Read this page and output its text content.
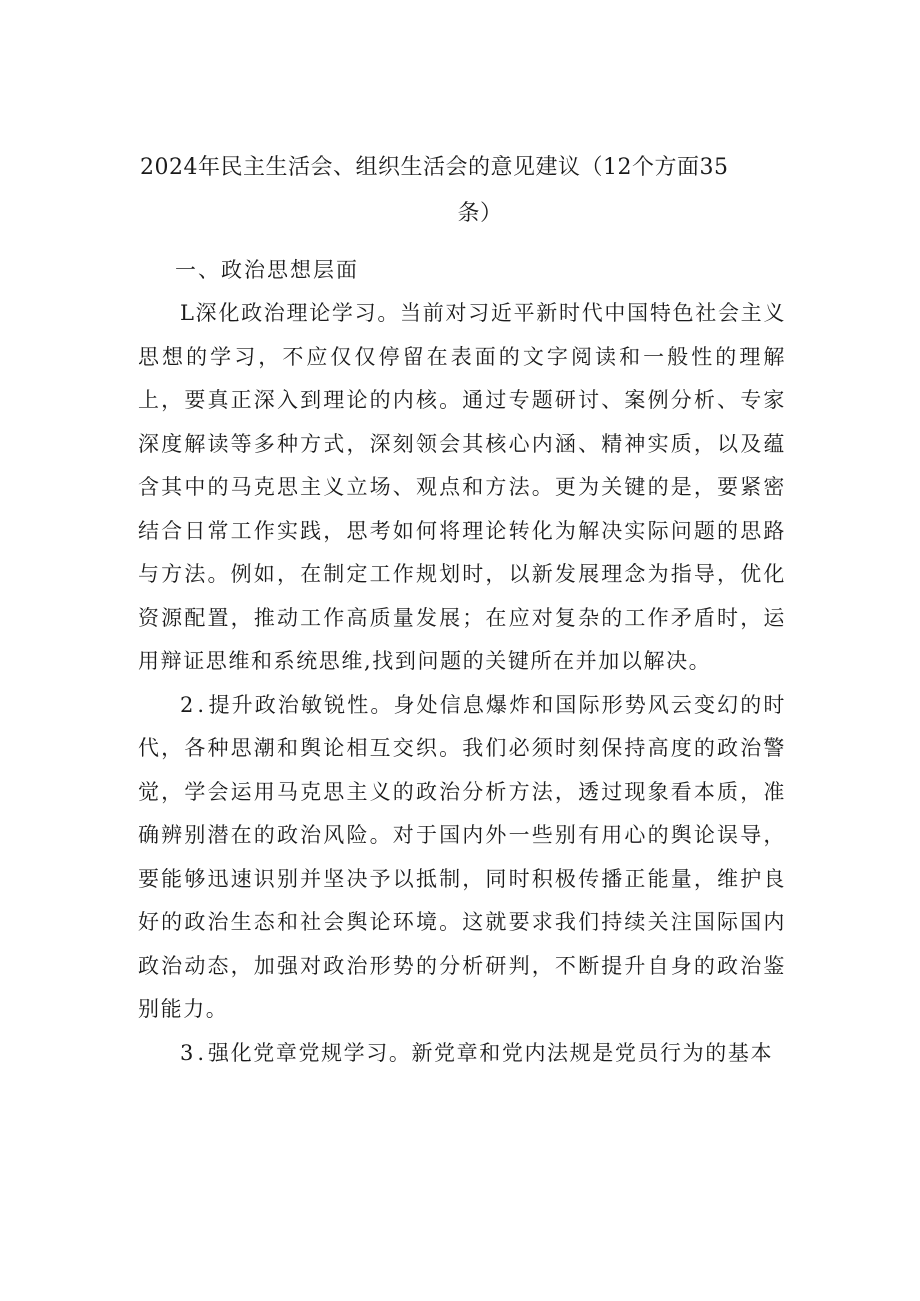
2024年民主生活会、组织生活会的意见建议（12个方面35
条）
一、政治思想层面

L深化政治理论学习。当前对习近平新时代中国特色社会主义思想的学习，不应仅仅停留在表面的文字阅读和一般性的理解上，要真正深入到理论的内核。通过专题研讨、案例分析、专家深度解读等多种方式，深刻领会其核心内涵、精神实质，以及蕴含其中的马克思主义立场、观点和方法。更为关键的是，要紧密结合日常工作实践，思考如何将理论转化为解决实际问题的思路与方法。例如，在制定工作规划时，以新发展理念为指导，优化资源配置，推动工作高质量发展；在应对复杂的工作矛盾时，运用辩证思维和系统思维,找到问题的关键所在并加以解决。

2.提升政治敏锐性。身处信息爆炸和国际形势风云变幻的时代，各种思潮和舆论相互交织。我们必须时刻保持高度的政治警觉，学会运用马克思主义的政治分析方法，透过现象看本质，准确辨别潜在的政治风险。对于国内外一些别有用心的舆论误导，要能够迅速识别并坚决予以抵制，同时积极传播正能量，维护良好的政治生态和社会舆论环境。这就要求我们持续关注国际国内政治动态，加强对政治形势的分析研判，不断提升自身的政治鉴别能力。

3.强化党章党规学习。新党章和党内法规是党员行为的基本
